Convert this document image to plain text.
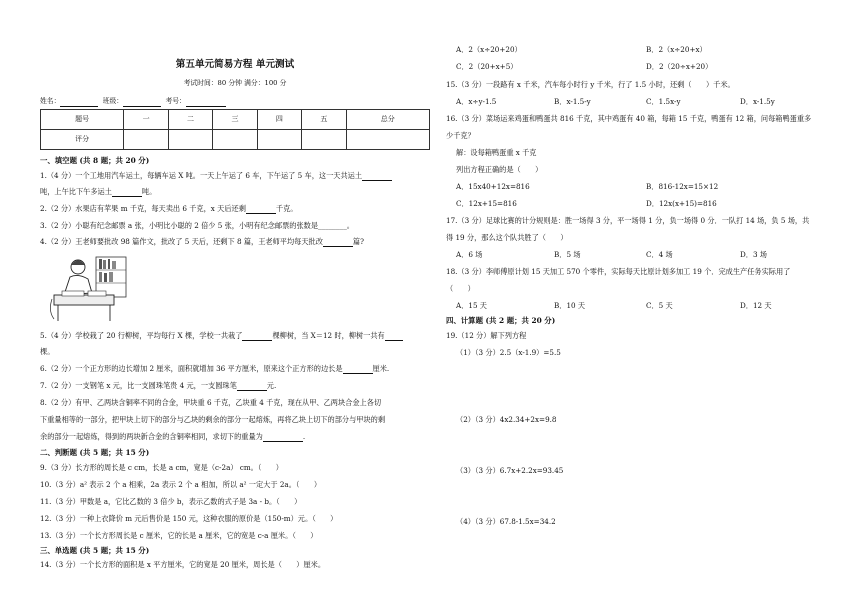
第五单元简易方程 单元测试
考试时间：80 分钟 满分：100 分
姓名：	班级：	考号：
题号	一	二	三	四	五	总分
评分						
一、填空题 (共 8 题；共 20 分)
1.（4 分）一个工地用汽车运土，每辆车运 X 吨。一天上午运了 6 车，下午运了 5 车，这一天共运土
吨，上午比下午多运土	吨。
2.（2 分）水果店有苹果 m 千克，每天卖出 6 千克，x 天后还剩	千克。
3.（2 分）小聪有纪念邮票 a 张，小明比小聪的 2 倍少 5 张，小明有纪念邮票的张数是________。
4.（2 分）王老师要批改 98 篇作文，批改了 5 天后，还剩下 8 篇，王老师平均每天批改	篇?
5.（4 分）学校栽了 20 行柳树，平均每行 X 棵，学校一共栽了	棵柳树，当 X＝12 时，柳树一共有
棵。
6.（2 分）一个正方形的边长增加 2 厘米，面积就增加 36 平方厘米，原来这个正方形的边长是	厘米.
7.（2 分）一支钢笔 x 元，比一支圆珠笔贵 4 元，一支圆珠笔	元.
8.（2 分）有甲、乙两块含铜率不同的合金，甲块重 6 千克，乙块重 4 千克，现在从甲、乙两块合金上各切
下重量相等的一部分，把甲块上切下的部分与乙块的剩余的部分一起熔炼，再将乙块上切下的部分与甲块的剩
余的部分一起熔炼，得到的两块新合金的含铜率相同，求切下的重量为	.
二、判断题 (共 5 题；共 15 分)
9.（3 分）长方形的周长是 c cm，长是 a cm，宽是（c-2a） cm。（　　）
10.（3 分）a² 表示 2 个 a 相乘，2a 表示 2 个 a 相加，所以 a² 一定大于 2a。（　　）
11.（3 分）甲数是 a，它比乙数的 3 倍少 b，表示乙数的式子是 3a - b。（　　）
12.（3 分）一种上衣降价 m 元后售价是 150 元，这种衣服的原价是（150-m）元。（　　）
13.（3 分）一个长方形周长是 c 厘米，它的长是 a 厘米，它的宽是 c-a 厘米。（　　）
三、单选题 (共 5 题；共 15 分)
14.（3 分）一个长方形的面积是 x 平方厘米，它的宽是 20 厘米，周长是（　　）厘米。
A．2（x÷20+20）	B．2（x÷20+x）
C．2（20+x+5）	D．2（20÷x+20）
15.（3 分）一段路有 x 千米，汽车每小时行 y 千米，行了 1.5 小时，还剩（　　）千米。
A．x÷y-1.5	B．x-1.5-y	C．1.5x-y	D．x-1.5y
16.（3 分）菜场运来鸡蛋和鸭蛋共 816 千克，其中鸡蛋有 40 箱，每箱 15 千克，鸭蛋有 12 箱，问每箱鸭蛋重多
少千克？
解：设每箱鸭蛋重 x 千克
列出方程正确的是（　　）
A．15x40+12x=816	B．816-12x=15×12
C．12x+15=816	D．12x(x+15)=816
17.（3 分）足球比赛的计分规则是：胜一场得 3 分，平一场得 1 分，负一场得 0 分．一队打 14 场，负 5 场，共
得 19 分，那么这个队共胜了（　　）
A．6 场	B．5 场	C．4 场	D．3 场
18.（3 分）李师傅原计划 15 天加工 570 个零件，实际每天比原计划多加工 19 个．完成生产任务实际用了
（　　）
A．15 天	B．10 天	C．5 天	D．12 天
四、计算题 (共 2 题；共 20 分)
19.（12 分）解下列方程
（1）（3 分）2.5（x-1.9）=5.5
（2）（3 分）4x2.34+2x=9.8
（3）（3 分）6.7x+2.2x=93.45
（4）（3 分）67.8-1.5x=34.2
